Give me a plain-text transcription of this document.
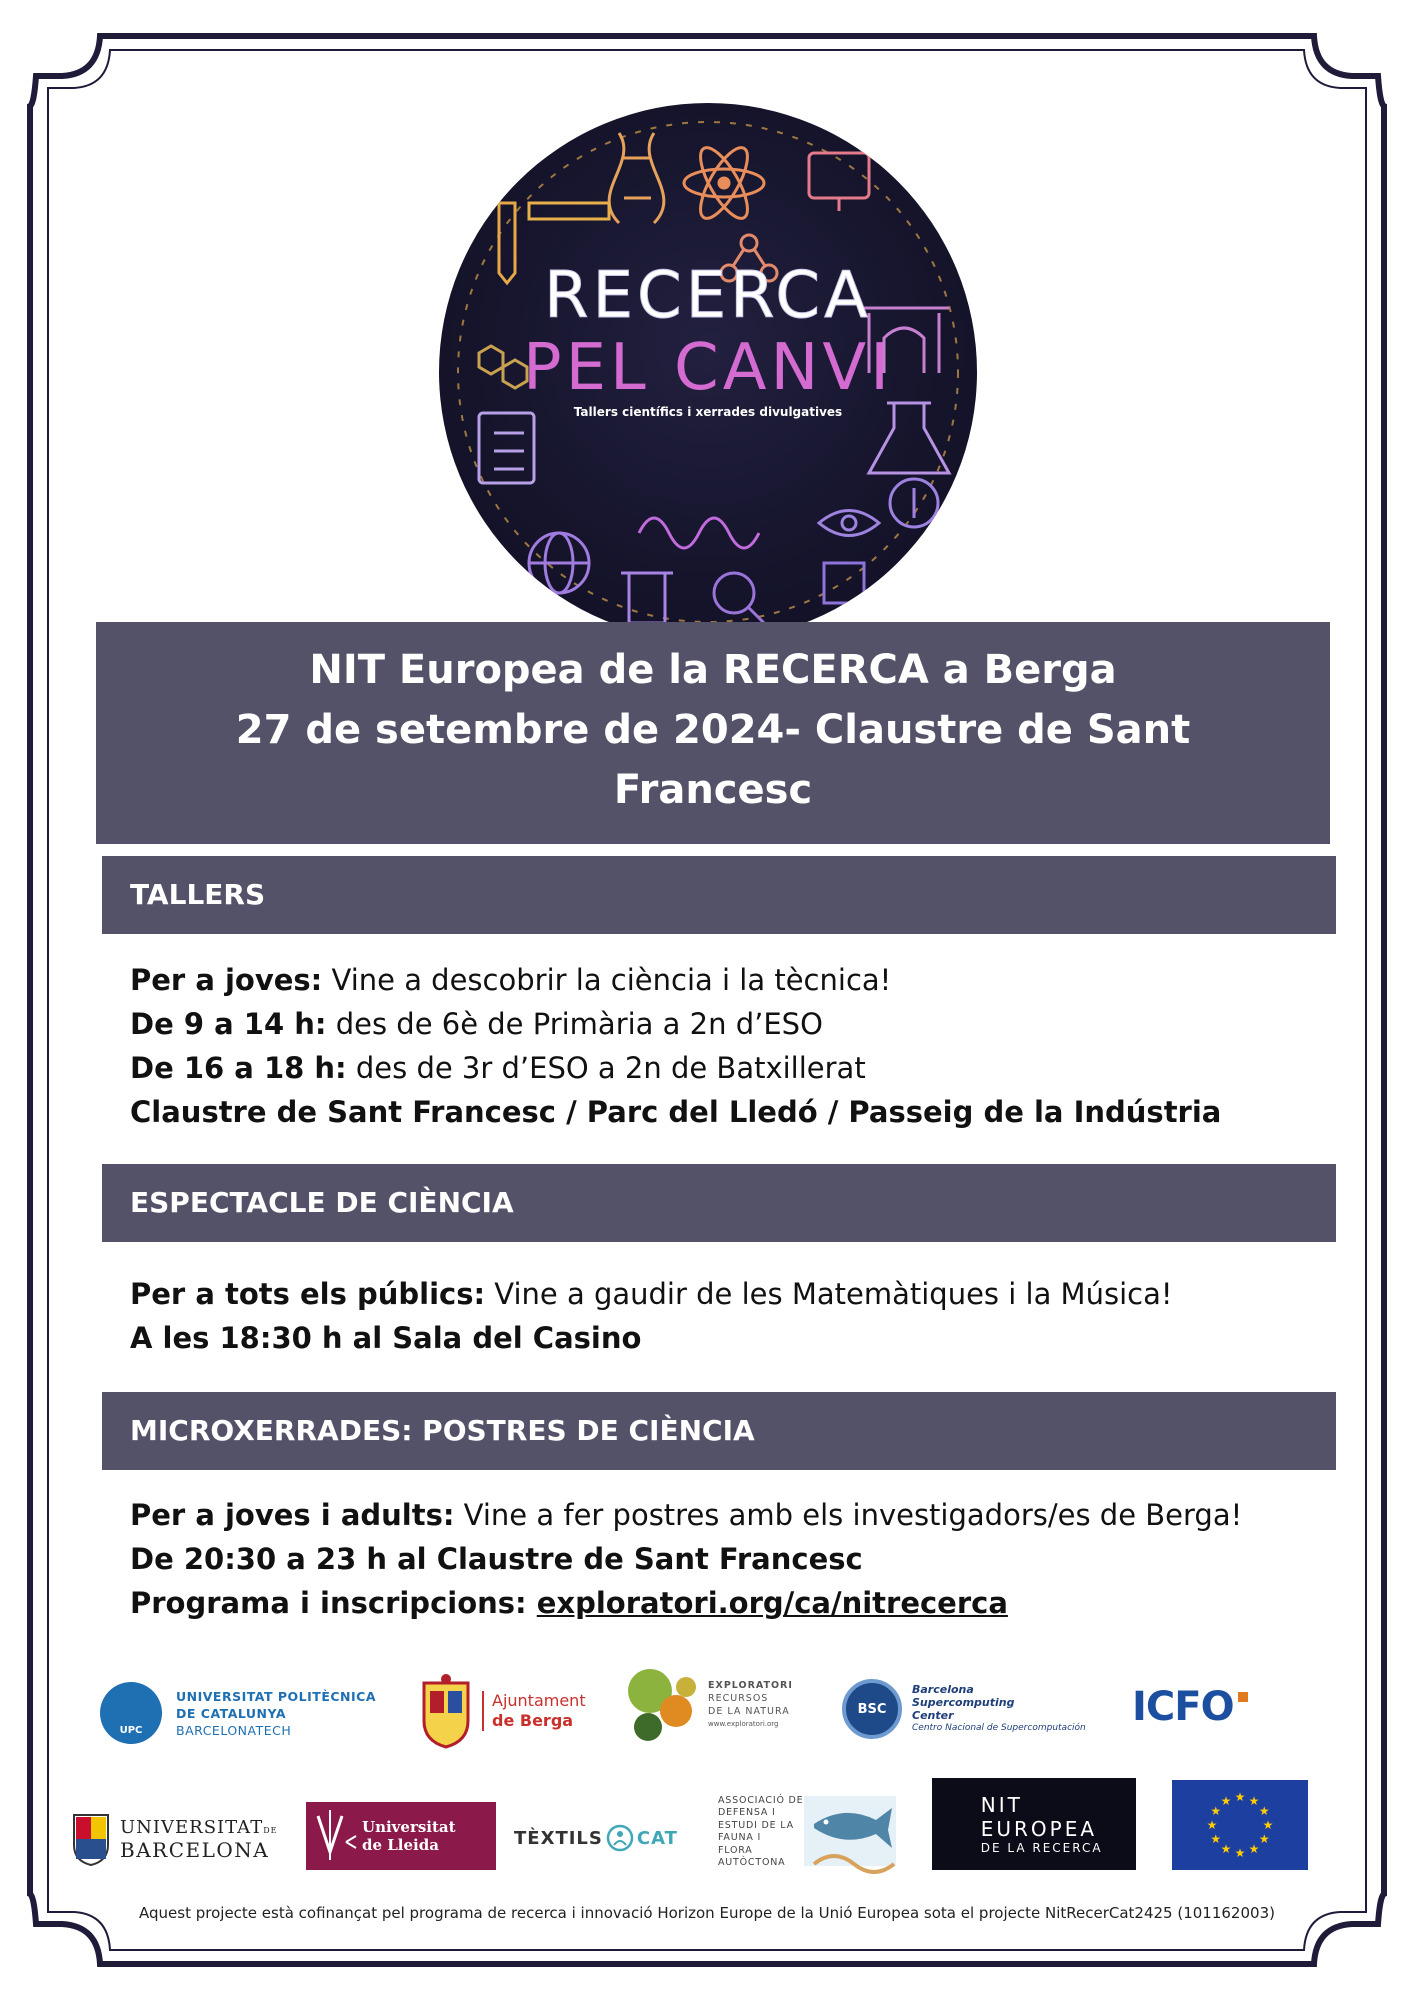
RECERCA
PEL CANVI
Tallers científics i xerrades divulgatives
NIT Europea de la RECERCA a Berga
27 de setembre de 2024- Claustre de Sant
Francesc
TALLERS
Per a joves: Vine a descobrir la ciència i la tècnica!
De 9 a 14 h: des de 6è de Primària a 2n d’ESO
De 16 a 18 h: des de 3r d’ESO a 2n de Batxillerat
Claustre de Sant Francesc / Parc del Lledó / Passeig de la Indústria
ESPECTACLE DE CIÈNCIA
Per a tots els públics: Vine a gaudir de les Matemàtiques i la Música!
A les 18:30 h al Sala del Casino
MICROXERRADES: POSTRES DE CIÈNCIA
Per a joves i adults: Vine a fer postres amb els investigadors/es de Berga!
De 20:30 a 23 h al Claustre de Sant Francesc
Programa i inscripcions: exploratori.org/ca/nitrecerca
UPC
UNIVERSITAT POLITÈCNICA
DE CATALUNYA
BARCELONATECH
Ajuntament
de Berga
EXPLORATORI
RECURSOS
DE LA NATURA
www.exploratori.org
BSC
Barcelona
Supercomputing
Center
Centro Nacional de Supercomputación ICFO
UNIVERSITATDE
BARCELONA
Universitat
de Lleida	TÈXTILS CAT
ASSOCIACIÓ DE
DEFENSA I
ESTUDI DE LA
FAUNA I
FLORA
AUTÒCTONA
NIT EUROPEA
DE LA RECERCA
★
★
★
★
★
★
★
★
★ ★ ★
★
Aquest projecte està cofinançat pel programa de recerca i innovació Horizon Europe de la Unió Europea sota el projecte NitRecerCat2425 (101162003)
